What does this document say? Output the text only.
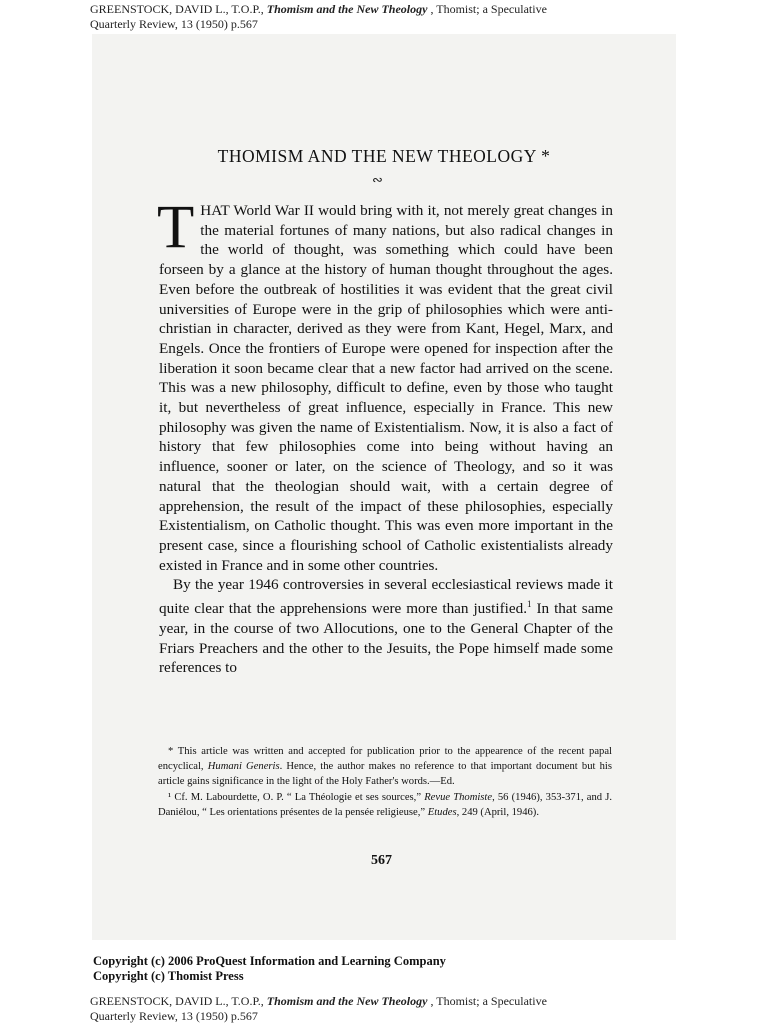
GREENSTOCK, DAVID L., T.O.P., Thomism and the New Theology , Thomist; a Speculative
Quarterly Review, 13 (1950) p.567
THOMISM AND THE NEW THEOLOGY *
∾

THAT World War II would bring with it, not merely great changes in the material fortunes of many nations, but also radical changes in the world of thought, was something which could have been forseen by a glance at the history of human thought throughout the ages. Even before the outbreak of hostilities it was evident that the great civil universities of Europe were in the grip of philosophies which were anti-christian in character, derived as they were from Kant, Hegel, Marx, and Engels. Once the frontiers of Europe were opened for inspection after the liberation it soon became clear that a new factor had arrived on the scene. This was a new philosophy, difficult to define, even by those who taught it, but nevertheless of great influence, especially in France. This new philosophy was given the name of Existentialism. Now, it is also a fact of history that few philosophies come into being without having an influence, sooner or later, on the science of Theology, and so it was natural that the theologian should wait, with a certain degree of apprehension, the result of the impact of these philosophies, especially Existentialism, on Catholic thought. This was even more important in the present case, since a flourishing school of Catholic existentialists already existed in France and in some other countries.

By the year 1946 controversies in several ecclesiastical reviews made it quite clear that the apprehensions were more than justified.$^1$ In that same year, in the course of two Allocutions, one to the General Chapter of the Friars Preachers and the other to the Jesuits, the Pope himself made some references to

* This article was written and accepted for publication prior to the appearence of the recent papal encyclical, Humani Generis. Hence, the author makes no reference to that important document but his article gains significance in the light of the Holy Father's words.—Ed.

¹ Cf. M. Labourdette, O. P. “ La Théologie et ses sources,” Revue Thomiste, 56 (1946), 353-371, and J. Daniélou, “ Les orientations présentes de la pensée religieuse,” Etudes, 249 (April, 1946).

567
Copyright (c) 2006 ProQuest Information and Learning Company
Copyright (c) Thomist Press
GREENSTOCK, DAVID L., T.O.P., Thomism and the New Theology , Thomist; a Speculative
Quarterly Review, 13 (1950) p.567
